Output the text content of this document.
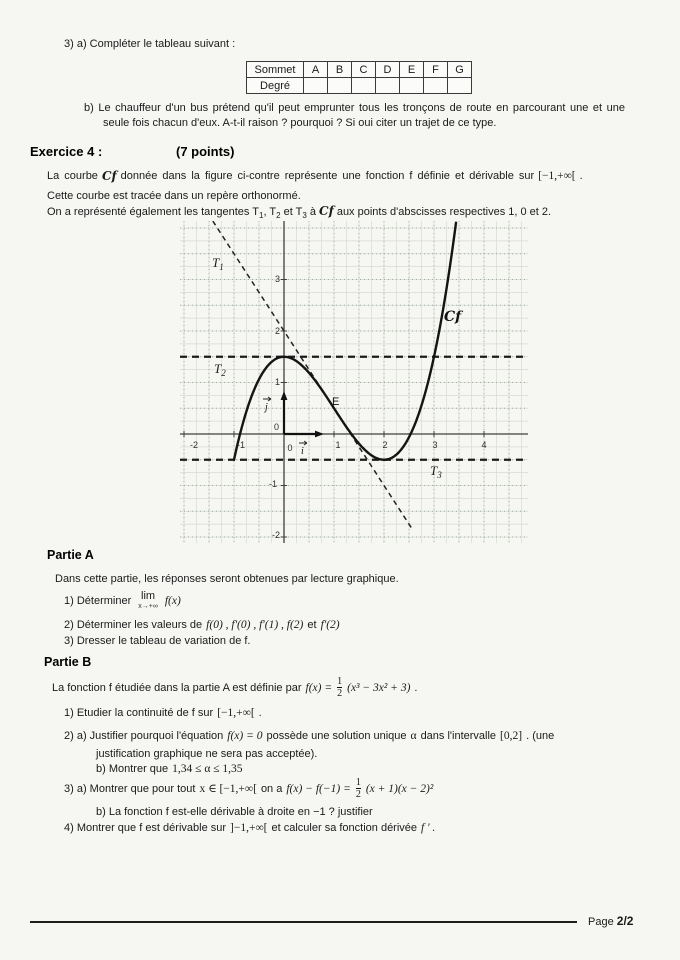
3) a) Compléter le tableau suivant :
Sommet	A	B	C	D	E	F	G
Degré							
b) Le chauffeur d'un bus prétend qu'il peut emprunter tous les tronçons de route en parcourant une et une
seule fois chacun d'eux. A-t-il raison ? pourquoi ? Si oui citer un trajet de ce type.
Exercice 4 :	(7 points)
La courbe Cf donnée dans la figure ci-contre représente une fonction f définie et dérivable sur [−1,+∞[ .
Cette courbe est tracée dans un repère orthonormé.
On a représenté également les tangentes $T_1$, $T_2$ et $T_3$ à Cf aux points d'abscisses respectives 1, 0 et 2.
$T_1$
$T_2$
$T_3$
Cf
E
j
i
3
2
1
0
-1
-2
-2	-1	0	1	2	3	4
Partie A
Dans cette partie, les réponses seront obtenues par lecture graphique.
1) Déterminer lim
x→+∞ f(x)
2) Déterminer les valeurs de f(0) , f'(0) , f'(1) , f(2) et f'(2)
3) Dresser le tableau de variation de f.
Partie B
La fonction f étudiée dans la partie A est définie par $f(x) = \frac{1}{2} (x^3 - 3x^2 + 3)$ .
1) Etudier la continuité de f sur [−1,+∞[ .
2) a) Justifier pourquoi l'équation f(x) = 0 possède une solution unique α dans l'intervalle [0,2] . (une
justification graphique ne sera pas acceptée).
b) Montrer que 1,34 ≤ α ≤ 1,35
3) a) Montrer que pour tout x ∈ [−1,+∞[ on a $f(x) - f(-1) = \frac{1}{2} (x + 1)(x - 2)^2$
b) La fonction f est-elle dérivable à droite en −1 ? justifier
4) Montrer que f est dérivable sur ]−1,+∞[ et calculer sa fonction dérivée f ' .
Page 2/2
